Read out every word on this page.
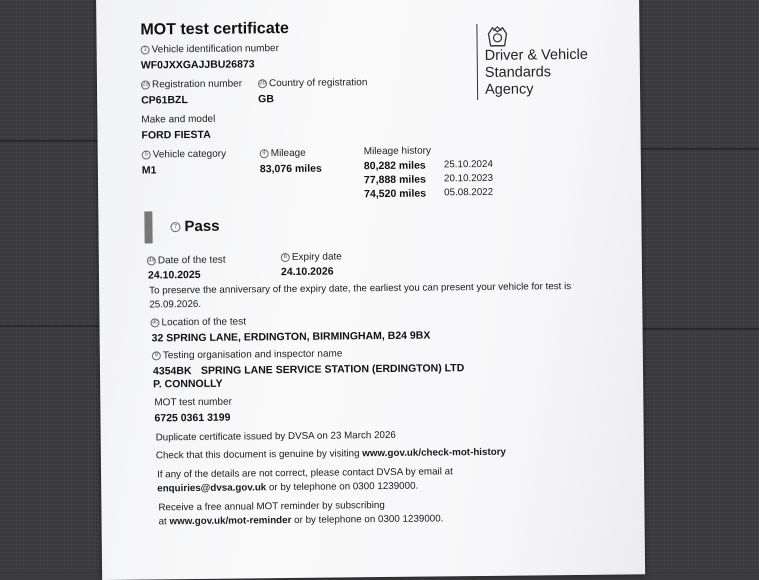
MOT test certificate
1 Vehicle identification number
WF0JXXGAJJBU26873
2a Registration number
CP61BZL
2b Country of registration
GB
Make and model
FORD FIESTA
5 Vehicle category
M1
4 Mileage
83,076 miles
Mileage history
80,282 miles 25.10.2024
77,888 miles 20.10.2023
74,520 miles 05.08.2022
7 Pass
3a Date of the test
24.10.2025
8 Expiry date
24.10.2026
To preserve the anniversary of the expiry date, the earliest you can present your vehicle for test is
25.09.2026.
3c Location of the test
32 SPRING LANE, ERDINGTON, BIRMINGHAM, B24 9BX
9 Testing organisation and inspector name
4354BK SPRING LANE SERVICE STATION (ERDINGTON) LTD
P. CONNOLLY
MOT test number
6725 0361 3199
Duplicate certificate issued by DVSA on 23 March 2026
Check that this document is genuine by visiting www.gov.uk/check-mot-history
If any of the details are not correct, please contact DVSA by email at
enquiries@dvsa.gov.uk or by telephone on 0300 1239000.
Receive a free annual MOT reminder by subscribing
at www.gov.uk/mot-reminder or by telephone on 0300 1239000.
Driver & Vehicle
Standards
Agency
